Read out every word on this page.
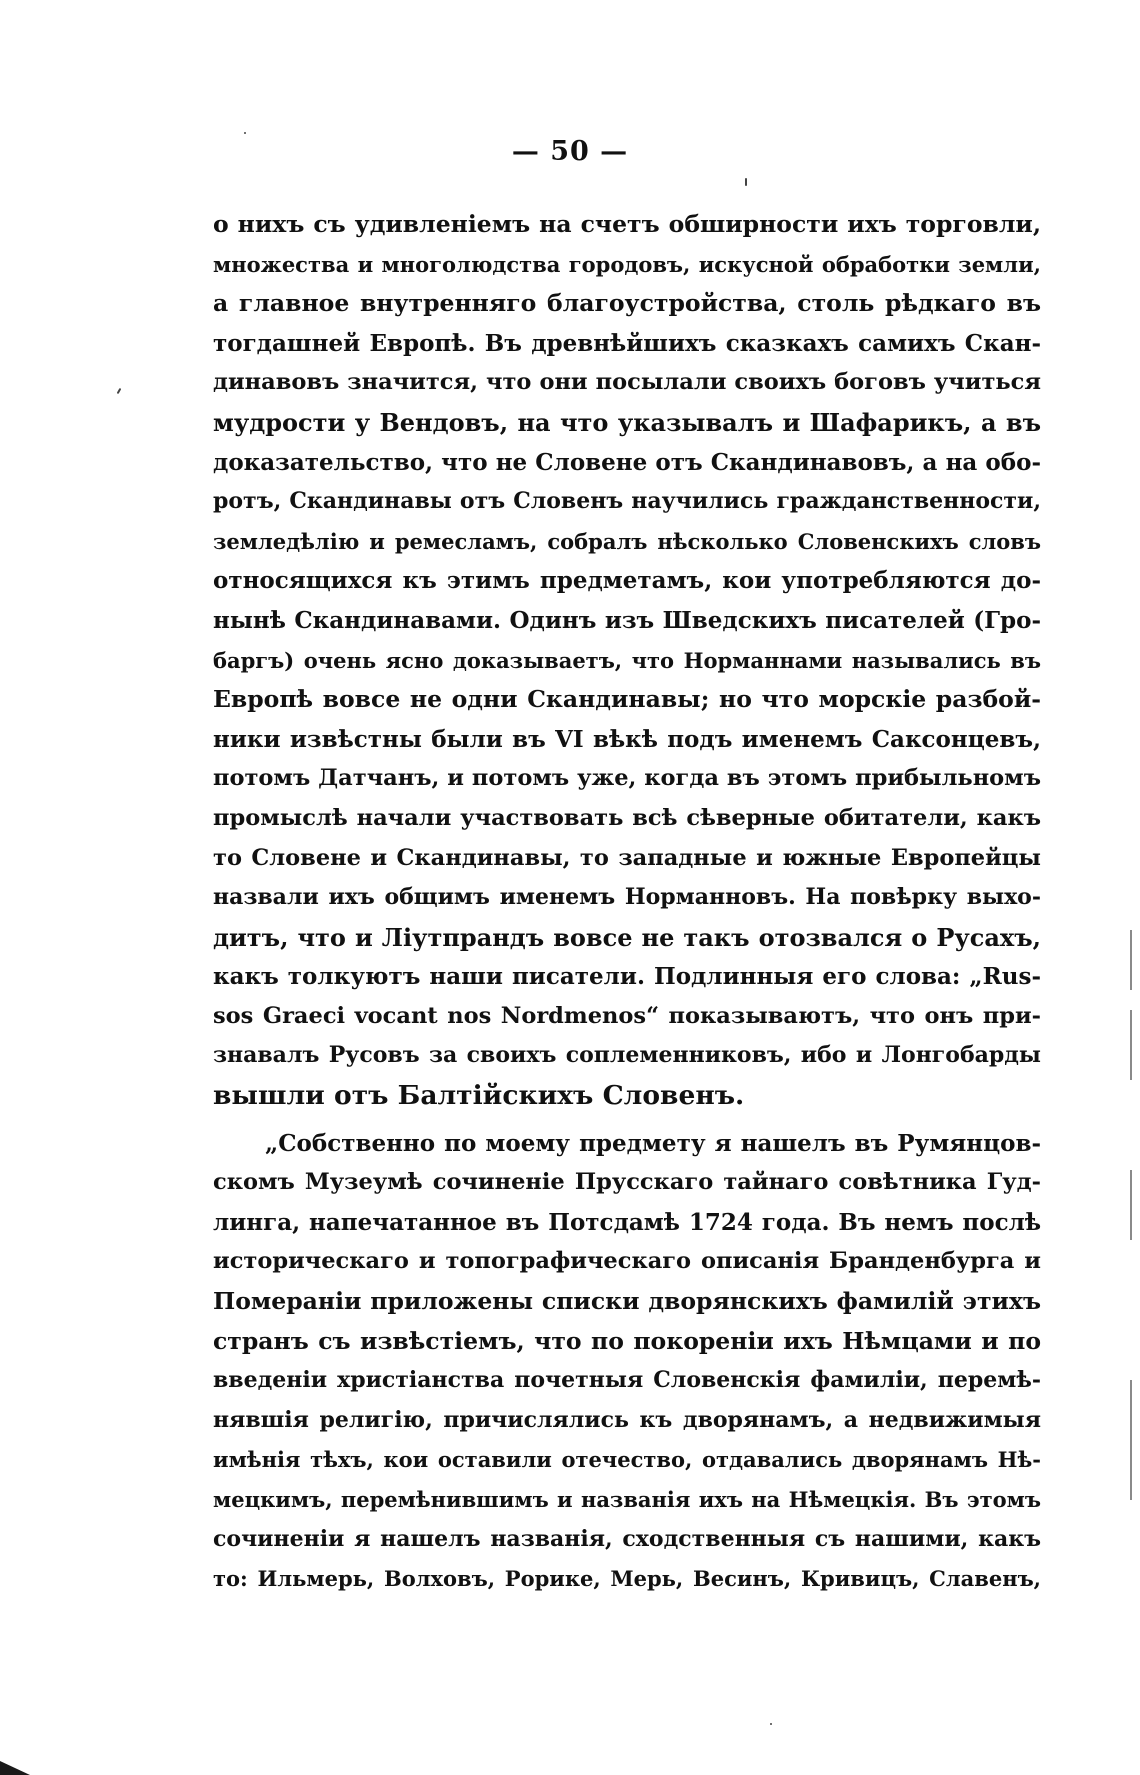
— 50 —
о нихъ съ удивленіемъ на счетъ обширности ихъ торговли,
множества и многолюдства городовъ, искусной обработки земли,
а главное внутренняго благоустройства, столь рѣдкаго въ
тогдашней Европѣ. Въ древнѣйшихъ сказкахъ самихъ Скан-
динавовъ значится, что они посылали своихъ боговъ учиться
мудрости у Вендовъ, на что указывалъ и Шафарикъ, а въ
доказательство, что не Словене отъ Скандинавовъ, а на обо-
ротъ, Скандинавы отъ Словенъ научились гражданственности,
земледѣлію и ремесламъ, собралъ нѣсколько Словенскихъ словъ
относящихся къ этимъ предметамъ, кои употребляются до-
нынѣ Скандинавами. Одинъ изъ Шведскихъ писателей (Гро-
баргъ) очень ясно доказываетъ, что Норманнами назывались въ
Европѣ вовсе не одни Скандинавы; но что морскіе разбой-
ники извѣстны были въ VI вѣкѣ подъ именемъ Саксонцевъ,
потомъ Датчанъ, и потомъ уже, когда въ этомъ прибыльномъ
промыслѣ начали участвовать всѣ сѣверные обитатели, какъ
то Словене и Скандинавы, то западные и южные Европейцы
назвали ихъ общимъ именемъ Норманновъ. На повѣрку выхо-
дитъ, что и Ліутпрандъ вовсе не такъ отозвался о Русахъ,
какъ толкуютъ наши писатели. Подлинныя его слова: „Rus-
sos Graeci vocant nos Nordmenos“ показываютъ, что онъ при-
знавалъ Русовъ за своихъ соплеменниковъ, ибо и Лонгобарды
вышли отъ Балтійскихъ Словенъ.
„Собственно по моему предмету я нашелъ въ Румянцов-
скомъ Музеумѣ сочиненіе Прусскаго тайнаго совѣтника Гуд-
линга, напечатанное въ Потсдамѣ 1724 года. Въ немъ послѣ
историческаго и топографическаго описанія Бранденбурга и
Помераніи приложены списки дворянскихъ фамилій этихъ
странъ съ извѣстіемъ, что по покореніи ихъ Нѣмцами и по
введеніи христіанства почетныя Словенскія фамиліи, перемѣ-
нявшія религію, причислялись къ дворянамъ, а недвижимыя
имѣнія тѣхъ, кои оставили отечество, отдавались дворянамъ Нѣ-
мецкимъ, перемѣнившимъ и названія ихъ на Нѣмецкія. Въ этомъ
сочиненіи я нашелъ названія, сходственныя съ нашими, какъ
то: Ильмерь, Волховъ, Рорике, Мерь, Весинъ, Кривицъ, Славенъ,
